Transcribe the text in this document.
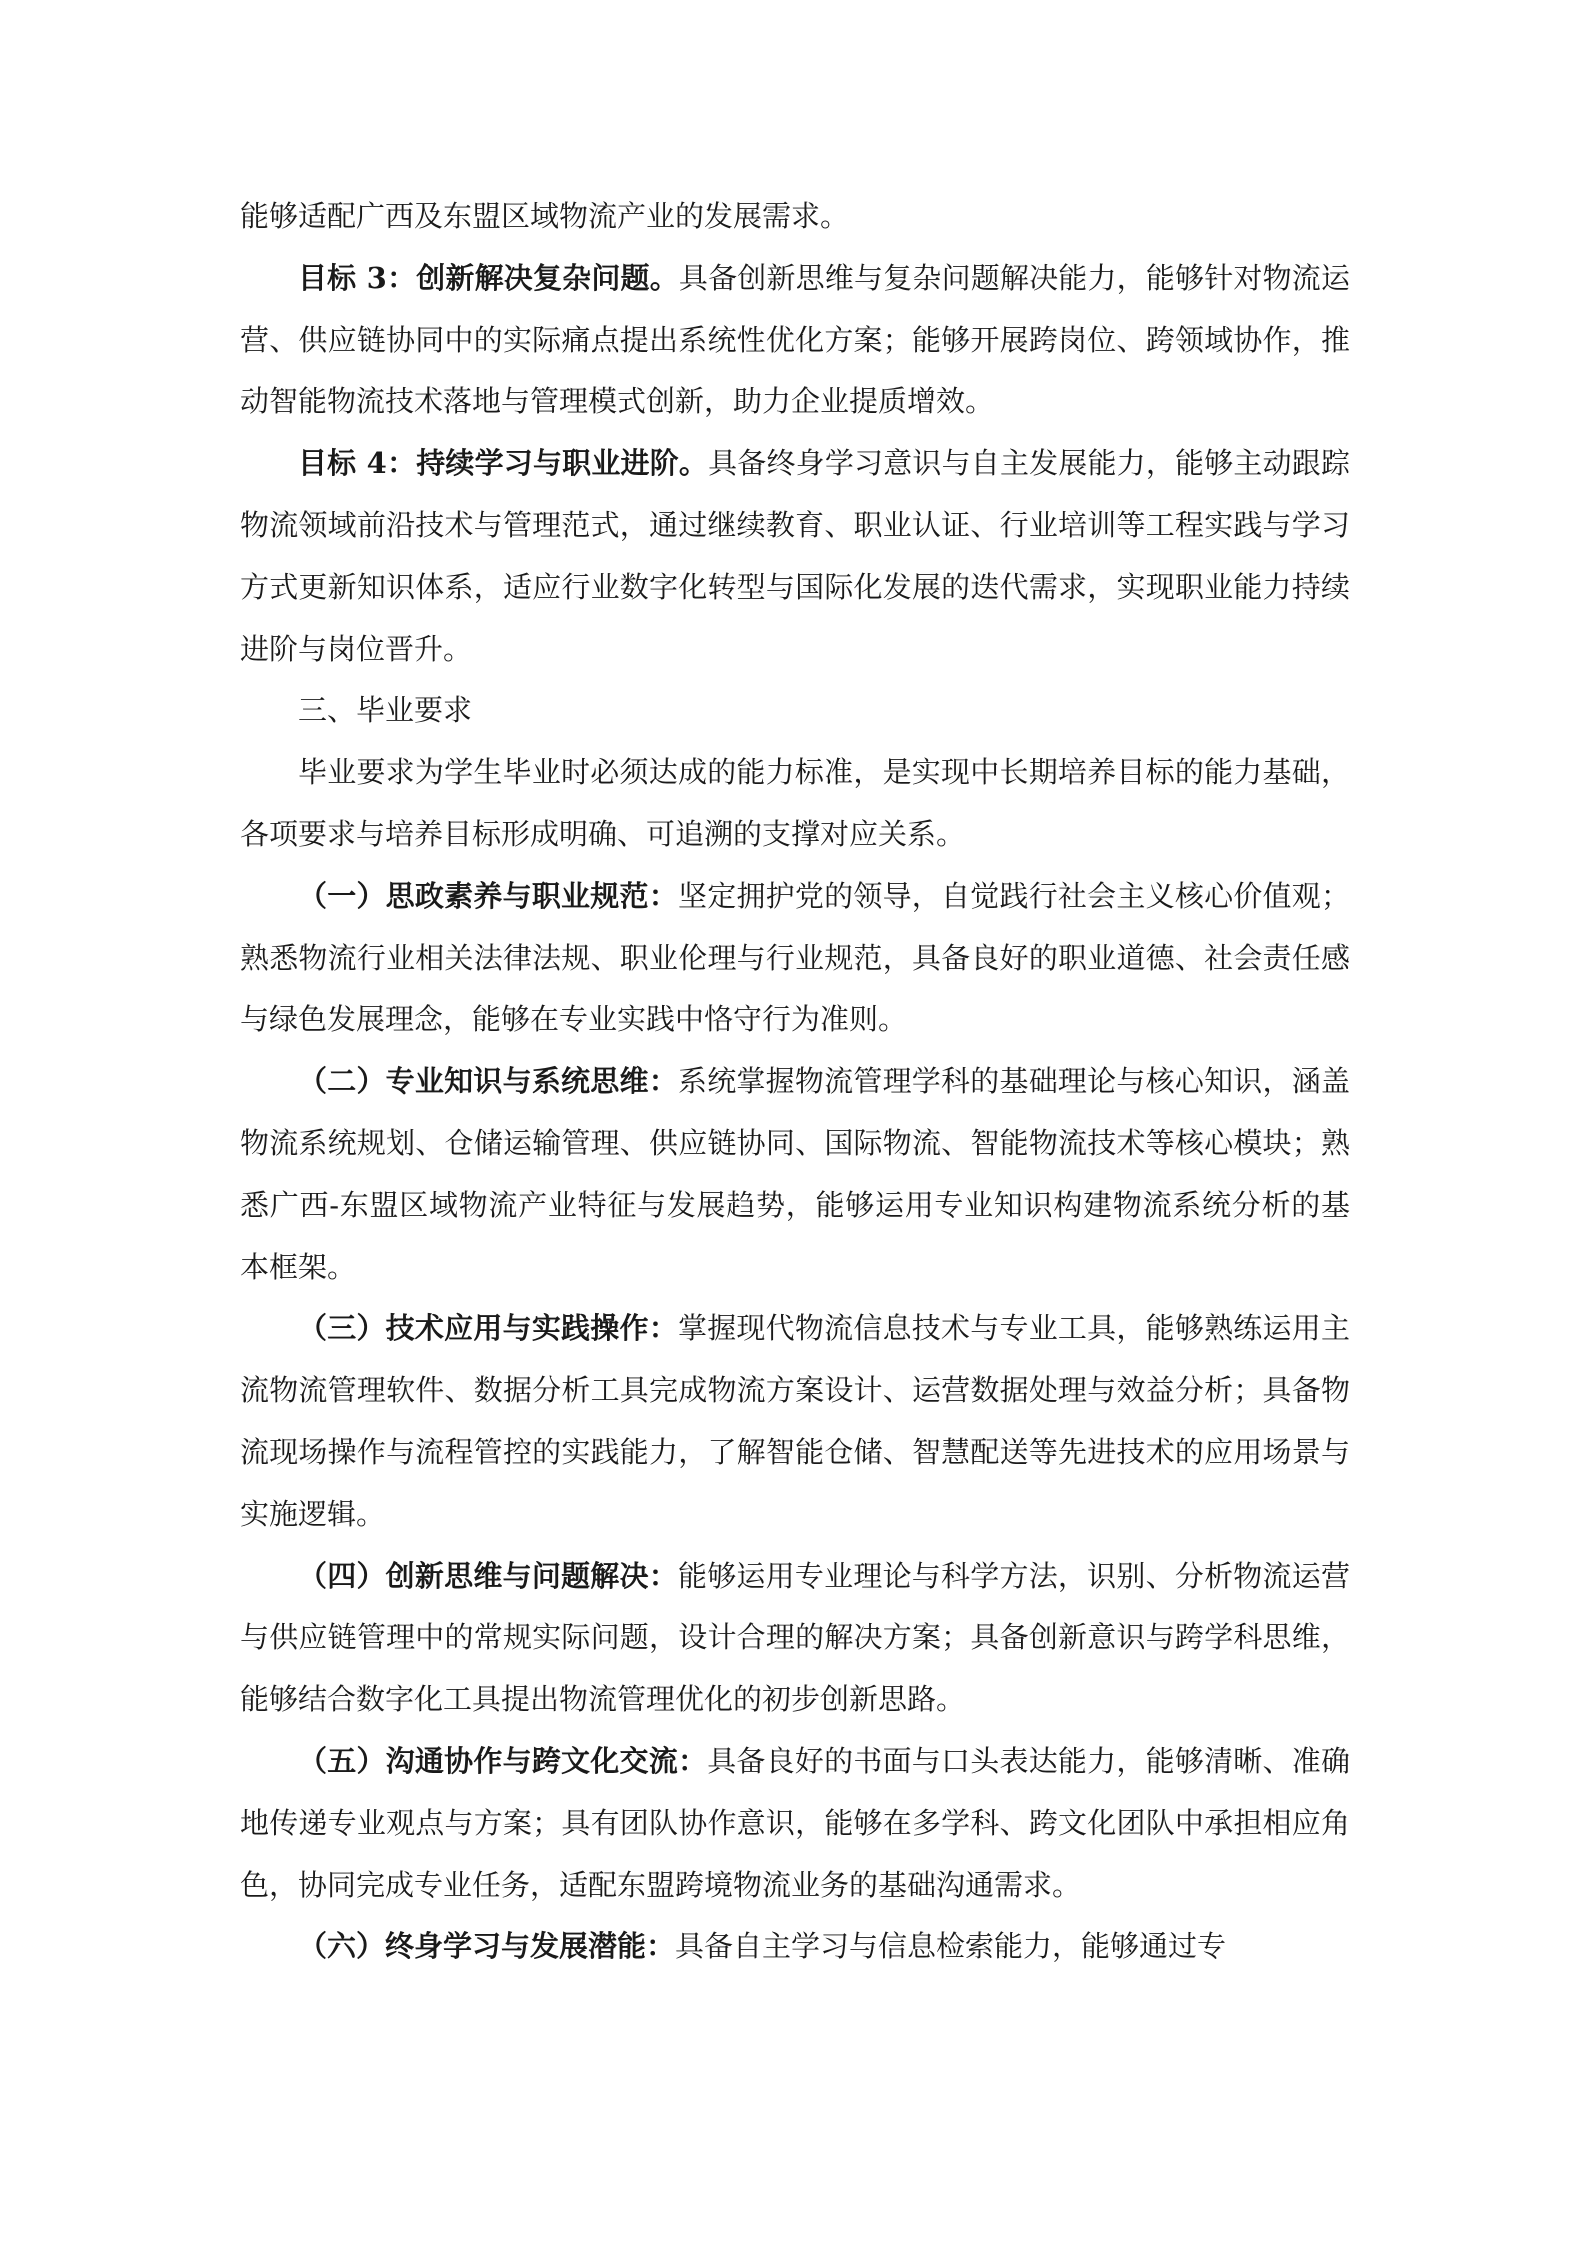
能够适配广西及东盟区域物流产业的发展需求。

目标 3：创新解决复杂问题。具备创新思维与复杂问题解决能力，能够针对物流运营、供应链协同中的实际痛点提出系统性优化方案；能够开展跨岗位、跨领域协作，推动智能物流技术落地与管理模式创新，助力企业提质增效。

目标 4：持续学习与职业进阶。具备终身学习意识与自主发展能力，能够主动跟踪物流领域前沿技术与管理范式，通过继续教育、职业认证、行业培训等工程实践与学习方式更新知识体系，适应行业数字化转型与国际化发展的迭代需求，实现职业能力持续进阶与岗位晋升。

三、毕业要求

毕业要求为学生毕业时必须达成的能力标准，是实现中长期培养目标的能力基础，各项要求与培养目标形成明确、可追溯的支撑对应关系。

（一）思政素养与职业规范：坚定拥护党的领导，自觉践行社会主义核心价值观；熟悉物流行业相关法律法规、职业伦理与行业规范，具备良好的职业道德、社会责任感与绿色发展理念，能够在专业实践中恪守行为准则。

（二）专业知识与系统思维：系统掌握物流管理学科的基础理论与核心知识，涵盖物流系统规划、仓储运输管理、供应链协同、国际物流、智能物流技术等核心模块；熟悉广西-东盟区域物流产业特征与发展趋势，能够运用专业知识构建物流系统分析的基本框架。

（三）技术应用与实践操作：掌握现代物流信息技术与专业工具，能够熟练运用主流物流管理软件、数据分析工具完成物流方案设计、运营数据处理与效益分析；具备物流现场操作与流程管控的实践能力，了解智能仓储、智慧配送等先进技术的应用场景与实施逻辑。

（四）创新思维与问题解决：能够运用专业理论与科学方法，识别、分析物流运营与供应链管理中的常规实际问题，设计合理的解决方案；具备创新意识与跨学科思维，能够结合数字化工具提出物流管理优化的初步创新思路。

（五）沟通协作与跨文化交流：具备良好的书面与口头表达能力，能够清晰、准确地传递专业观点与方案；具有团队协作意识，能够在多学科、跨文化团队中承担相应角色，协同完成专业任务，适配东盟跨境物流业务的基础沟通需求。

（六）终身学习与发展潜能：具备自主学习与信息检索能力，能够通过专
